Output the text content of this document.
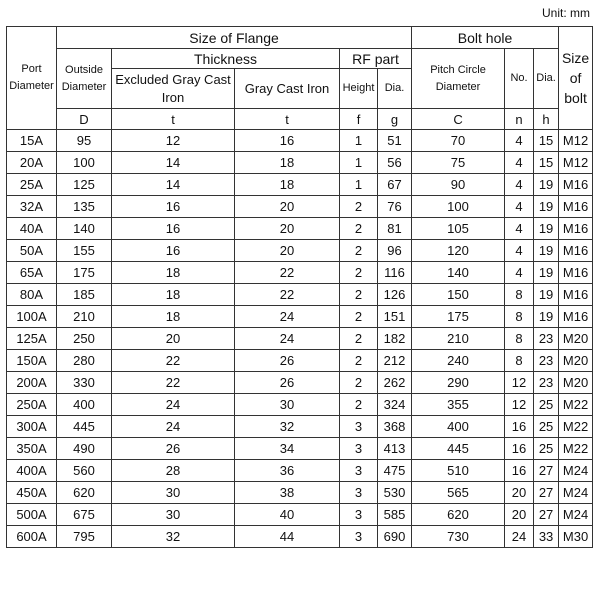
Unit: mm
Port Diameter	Size of Flange					Bolt hole			Size of bolt
	Outside Diameter	Thickness		RF part		Pitch Circle Diameter	No.	Dia.	
		Excluded Gray Cast Iron	Gray Cast Iron	Height	Dia.				
	D	t	t	f	g	C	n	h	
15A	95	12	16	1	51	70	4	15	M12
20A	100	14	18	1	56	75	4	15	M12
25A	125	14	18	1	67	90	4	19	M16
32A	135	16	20	2	76	100	4	19	M16
40A	140	16	20	2	81	105	4	19	M16
50A	155	16	20	2	96	120	4	19	M16
65A	175	18	22	2	116	140	4	19	M16
80A	185	18	22	2	126	150	8	19	M16
100A	210	18	24	2	151	175	8	19	M16
125A	250	20	24	2	182	210	8	23	M20
150A	280	22	26	2	212	240	8	23	M20
200A	330	22	26	2	262	290	12	23	M20
250A	400	24	30	2	324	355	12	25	M22
300A	445	24	32	3	368	400	16	25	M22
350A	490	26	34	3	413	445	16	25	M22
400A	560	28	36	3	475	510	16	27	M24
450A	620	30	38	3	530	565	20	27	M24
500A	675	30	40	3	585	620	20	27	M24
600A	795	32	44	3	690	730	24	33	M30
